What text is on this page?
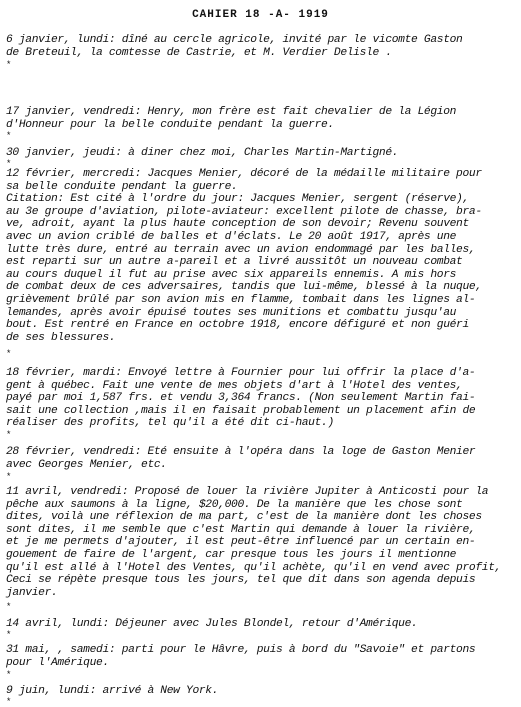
CAHIER 18 -A- 1919
6 janvier, lundi: dîné au cercle agricole, invité par le vicomte Gaston
de Breteuil, la comtesse de Castrie, et M. Verdier Delisle .
*
17 janvier, vendredi: Henry, mon frère est fait chevalier de la Légion
d'Honneur pour la belle conduite pendant la guerre.
*
30 janvier, jeudi: à diner chez moi, Charles Martin-Martigné.
*
12 février, mercredi: Jacques Menier, décoré de la médaille militaire pour
sa belle conduite pendant la guerre.
Citation: Est cité à l'ordre du jour: Jacques Menier, sergent (réserve),
au 3e groupe d'aviation, pilote-aviateur: excellent pilote de chasse, bra-
ve, adroit, ayant la plus haute conception de son devoir; Revenu souvent
avec un avion criblé de balles et d'éclats. Le 20 août 1917, après une
lutte très dure, entré au terrain avec un avion endommagé par les balles,
est reparti sur un autre a-pareil et a livré aussitôt un nouveau combat
au cours duquel il fut au prise avec six appareils ennemis. A mis hors
de combat deux de ces adversaires, tandis que lui-même, blessé à la nuque,
grièvement brûlé par son avion mis en flamme, tombait dans les lignes al-
lemandes, après avoir épuisé toutes ses munitions et combattu jusqu'au
bout. Est rentré en France en octobre 1918, encore défiguré et non guéri
de ses blessures.
*
18 février, mardi: Envoyé lettre à Fournier pour lui offrir la place d'a-
gent à québec. Fait une vente de mes objets d'art à l'Hotel des ventes,
payé par moi 1,587 frs. et vendu 3,364 francs. (Non seulement Martin fai-
sait une collection ,mais il en faisait probablement un placement afin de
réaliser des profits, tel qu'il a été dit ci-haut.)
*
28 février, vendredi: Eté ensuite à l'opéra dans la loge de Gaston Menier
avec Georges Menier, etc.
*
11 avril, vendredi: Proposé de louer la rivière Jupiter à Anticosti pour la
pêche aux saumons à la ligne, $20,000. De la manière que les chose sont
dites, voilà une réflexion de ma part, c'est de la manière dont les choses
sont dites, il me semble que c'est Martin qui demande à louer la rivière,
et je me permets d'ajouter, il est peut-être influencé par un certain en-
gouement de faire de l'argent, car presque tous les jours il mentionne
qu'il est allé à l'Hotel des Ventes, qu'il achète, qu'il en vend avec profit,
Ceci se répète presque tous les jours, tel que dit dans son agenda depuis
janvier.
*
14 avril, lundi: Déjeuner avec Jules Blondel, retour d'Amérique.
*
31 mai, , samedi: parti pour le Hâvre, puis à bord du "Savoie" et partons
pour l'Amérique.
*
9 juin, lundi: arrivé à New York.
*
